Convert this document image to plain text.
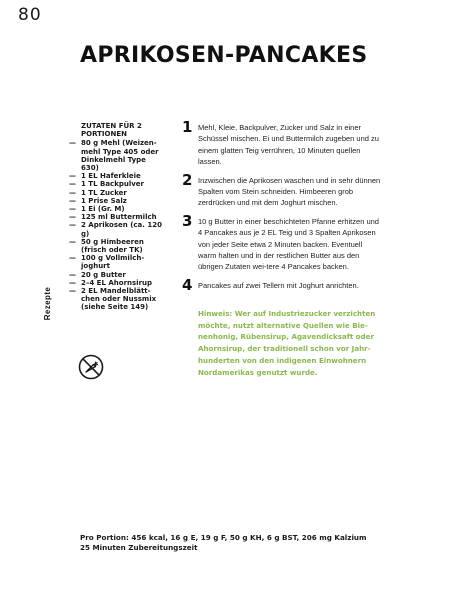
80
Rezepte
APRIKOSEN-PANCAKES
ZUTATEN FÜR 2 PORTIONEN
— 80 g Mehl (Weizen-mehl Type 405 oder Dinkelmehl Type 630)
— 1 EL Haferkleie
— 1 TL Backpulver
— 1 TL Zucker
— 1 Prise Salz
— 1 Ei (Gr. M)
— 125 ml Buttermilch
— 2 Aprikosen (ca. 120 g)
— 50 g Himbeeren (frisch oder TK)
— 100 g Vollmilch-joghurt
— 20 g Butter
— 2–4 EL Ahornsirup
— 2 EL Mandelblätt-chen oder Nussmix (siehe Seite 149)
1 Mehl, Kleie, Backpulver, Zucker und Salz in einer Schüssel mischen. Ei und Buttermilch zugeben und zu einem glatten Teig verrühren, 10 Minuten quellen lassen.
2 Inzwischen die Aprikosen waschen und in sehr dünnen Spalten vom Stein schneiden. Himbeeren grob zerdrücken und mit dem Joghurt mischen.
3 10 g Butter in einer beschichteten Pfanne erhitzen und 4 Pancakes aus je 2 EL Teig und 3 Spalten Aprikosen von jeder Seite etwa 2 Minuten backen. Eventuell warm halten und in der restlichen Butter aus den übrigen Zutaten wei-tere 4 Pancakes backen.
4 Pancakes auf zwei Tellern mit Joghurt anrichten.
Hinweis: Wer auf Industriezucker verzichten möchte, nutzt alternative Quellen wie Bie-nenhonig, Rübensirup, Agavendicksaft oder Ahornsirup, der traditionell schon vor Jahr-hunderten von den indigenen Einwohnern Nordamerikas genutzt wurde.
Pro Portion: 456 kcal, 16 g E, 19 g F, 50 g KH, 6 g BST, 206 mg Kalzium
25 Minuten Zubereitungszeit
